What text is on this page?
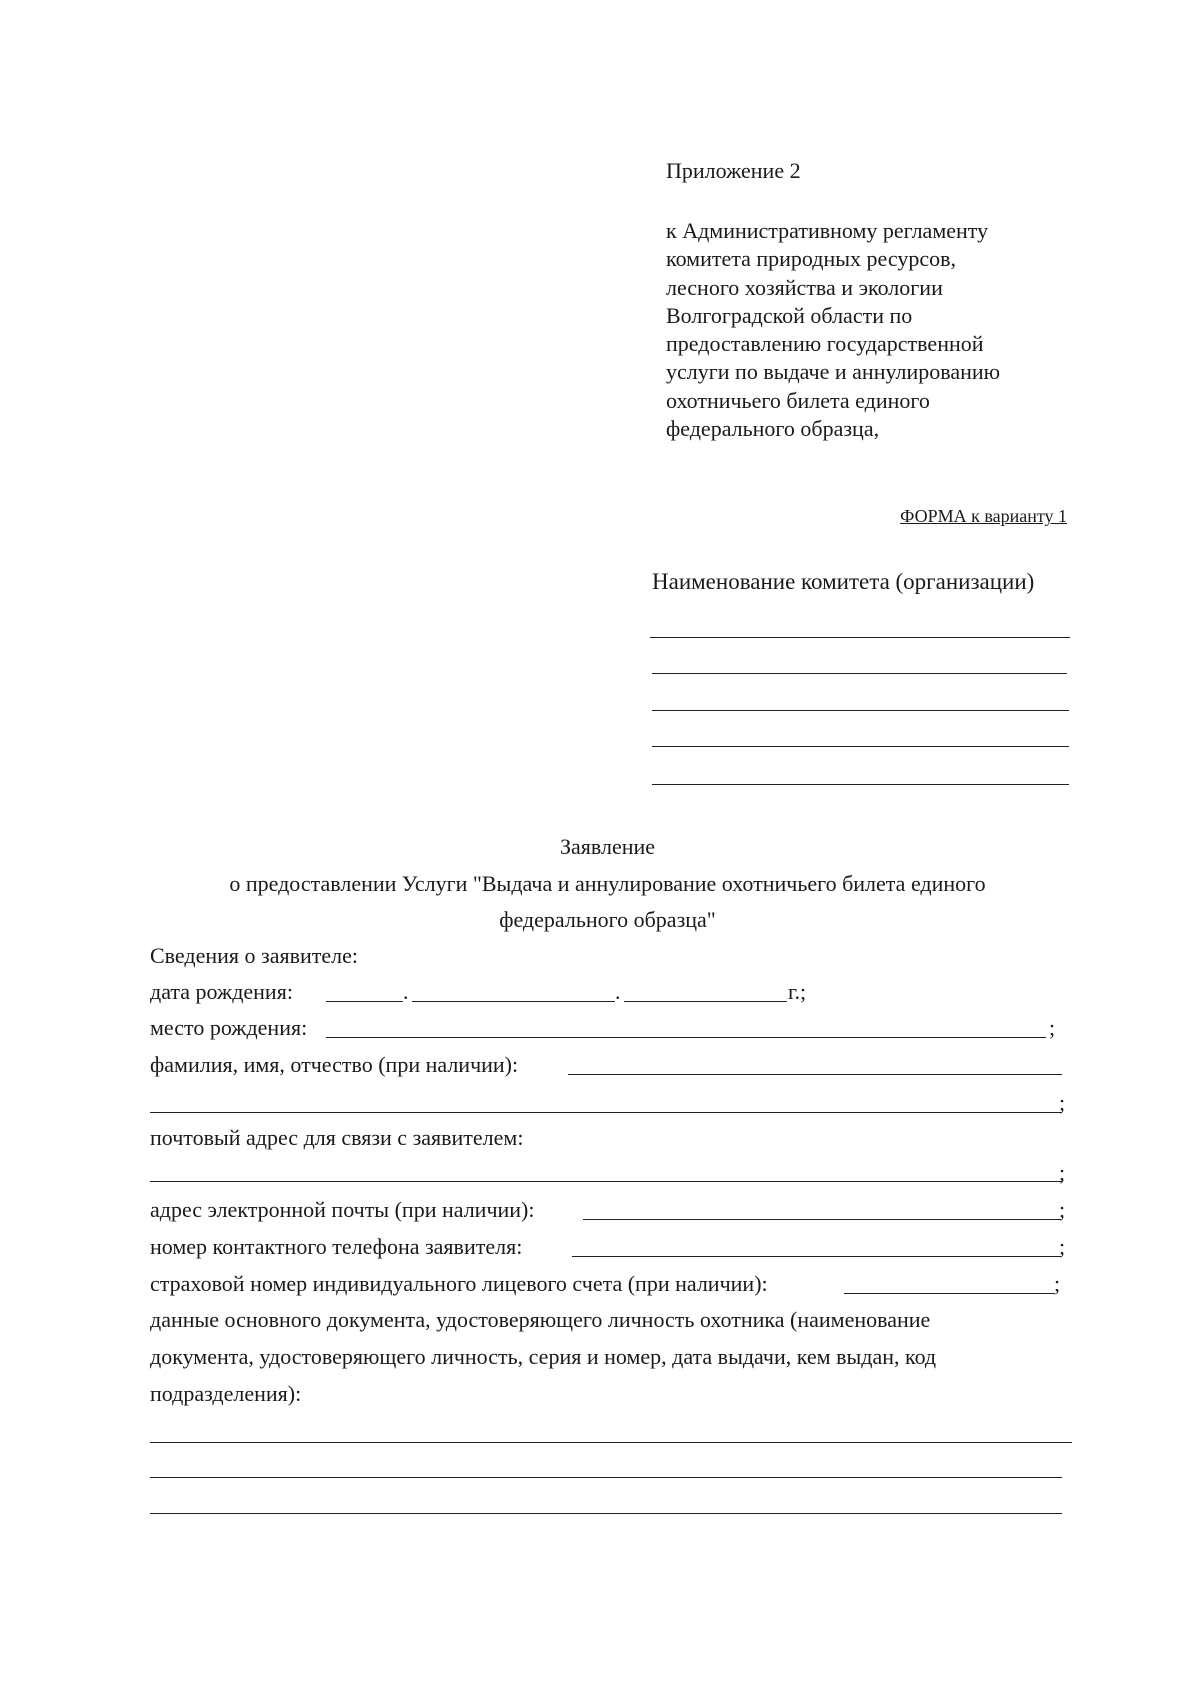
Приложение 2
к Административному регламенту
комитета природных ресурсов,
лесного хозяйства и экологии
Волгоградской области по
предоставлению государственной
услуги по выдаче и аннулированию
охотничьего билета единого
федерального образца,
ФОРМА к варианту 1
Наименование комитета (организации)
Заявление
о предоставлении Услуги "Выдача и аннулирование охотничьего билета единого
федерального образца"
Сведения о заявителе:
дата рождения:	.	.	г.;
место рождения:	;
фамилия, имя, отчество (при наличии):
;
почтовый адрес для связи с заявителем:
;
адрес электронной почты (при наличии):	;
номер контактного телефона заявителя:	;
страховой номер индивидуального лицевого счета (при наличии):	;
данные основного документа, удостоверяющего личность охотника (наименование
документа, удостоверяющего личность, серия и номер, дата выдачи, кем выдан, код
подразделения):
